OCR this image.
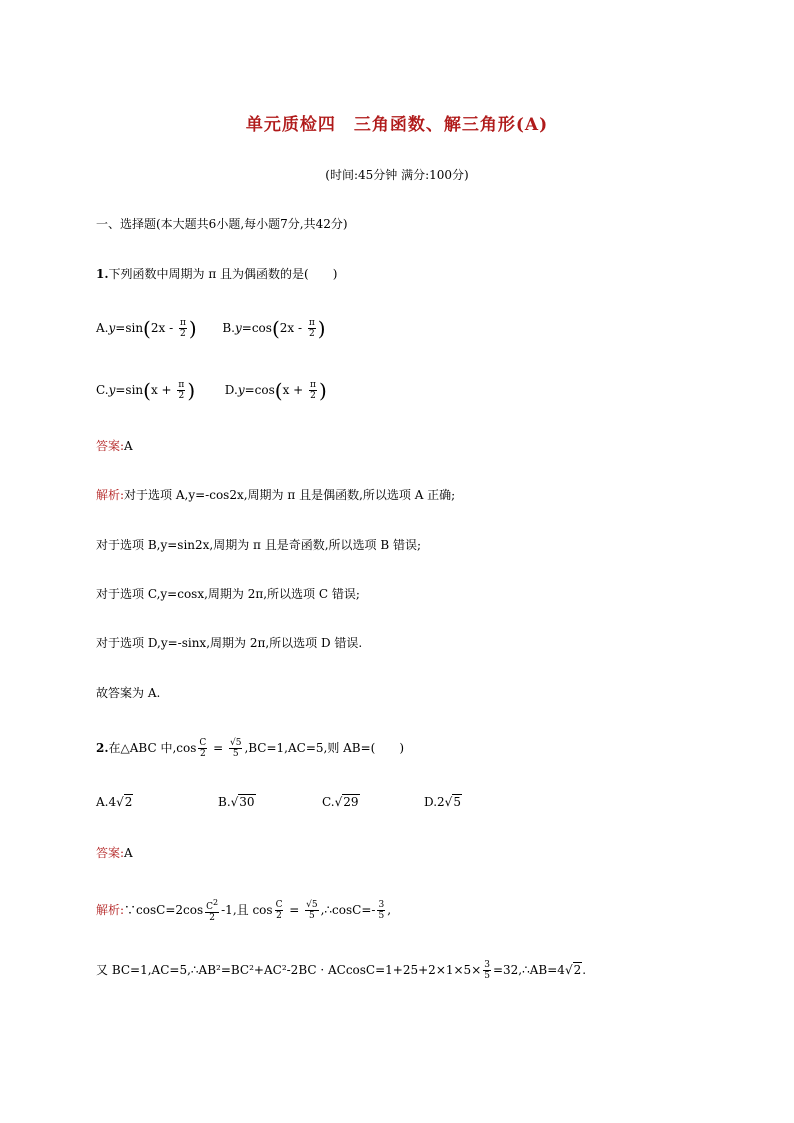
单元质检四 三角函数、解三角形(A)
(时间:45分钟 满分:100分)
一、选择题(本大题共6小题,每小题7分,共42分)
1.下列函数中周期为 π 且为偶函数的是(　　)
$A.y=\sin(2x - \frac{\pi}{2}$ ) $B.y=\cos(2x - \frac{\pi}{2}$ )
$C.y=\sin(x + \frac{\pi}{2}$ ) $D.y=\cos(x + \frac{\pi}{2}$ )
答案:A
解析:对于选项 A,y=-cos2x,周期为 π 且是偶函数,所以选项 A 正确;
对于选项 B,y=sin2x,周期为 π 且是奇函数,所以选项 B 错误;
对于选项 C,y=cosx,周期为 2π,所以选项 C 错误;
对于选项 D,y=-sinx,周期为 2π,所以选项 D 错误.
故答案为 A.
2.在△ABC 中$,\cos \frac{C}{2} = \frac{√5}{5} ,BC=1,AC=5$,则 AB=(　　)
A.4√2	B.√30	C.√29	D.2√5
答案:A
解析:∵cosC=2cos $\frac{C^2}{2} -1$,且 $\cos \frac{C}{2} = \frac{√5}{5}$ ,∴cosC=- $\frac{3}{5}$ ,
又 BC=1,AC=5,∴AB²=BC²+AC²-2BC · $ACcosC=1+25+2\times 1\times 5\times \frac{3}{5}$ =32,∴AB=4√2.
